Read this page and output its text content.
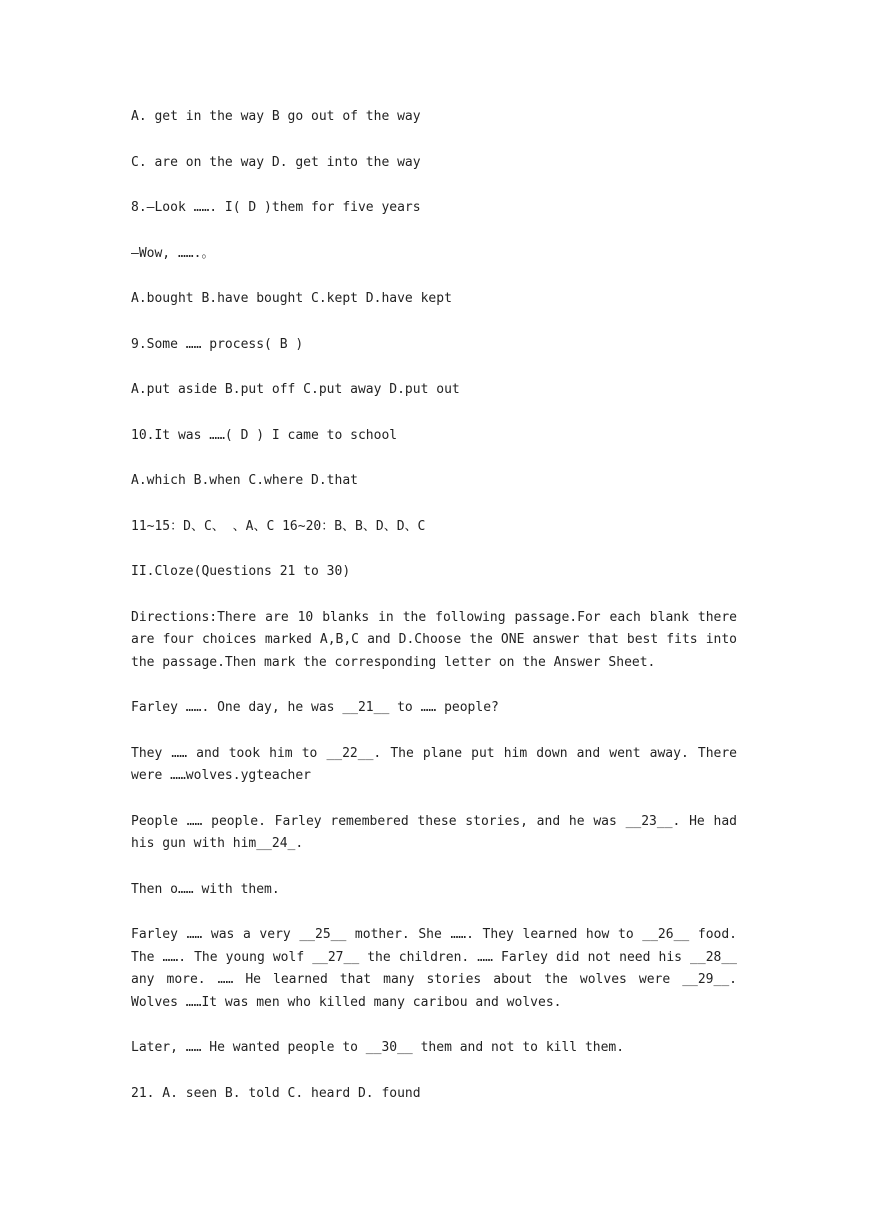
A. get in the way B go out of the way

C. are on the way D. get into the way

8.—Look ……. I( D )them for five years

—Wow, …….。

A.bought B.have bought C.kept D.have kept

9.Some …… process( B )

A.put aside B.put off C.put away D.put out

10.It was ……( D ) I came to school

A.which B.when C.where D.that

11~15：D、C、 、A、C 16~20：B、B、D、D、C

II.Cloze(Questions 21 to 30)

Directions:There are 10 blanks in the following passage.For each blank there are four choices marked A,B,C and D.Choose the ONE answer that best fits into the passage.Then mark the corresponding letter on the Answer Sheet.

Farley ……. One day, he was __21__ to …… people?

They …… and took him to __22__. The plane put him down and went away. There were ……wolves.ygteacher

People …… people. Farley remembered these stories, and he was __23__. He had his gun with him__24_.

Then o…… with them.

Farley …… was a very __25__ mother. She ……. They learned how to __26__ food. The ……. The young wolf __27__ the children. …… Farley did not need his __28__ any more. …… He learned that many stories about the wolves were __29__. Wolves ……It was men who killed many caribou and wolves.

Later, …… He wanted people to __30__ them and not to kill them.

21. A. seen B. told C. heard D. found
